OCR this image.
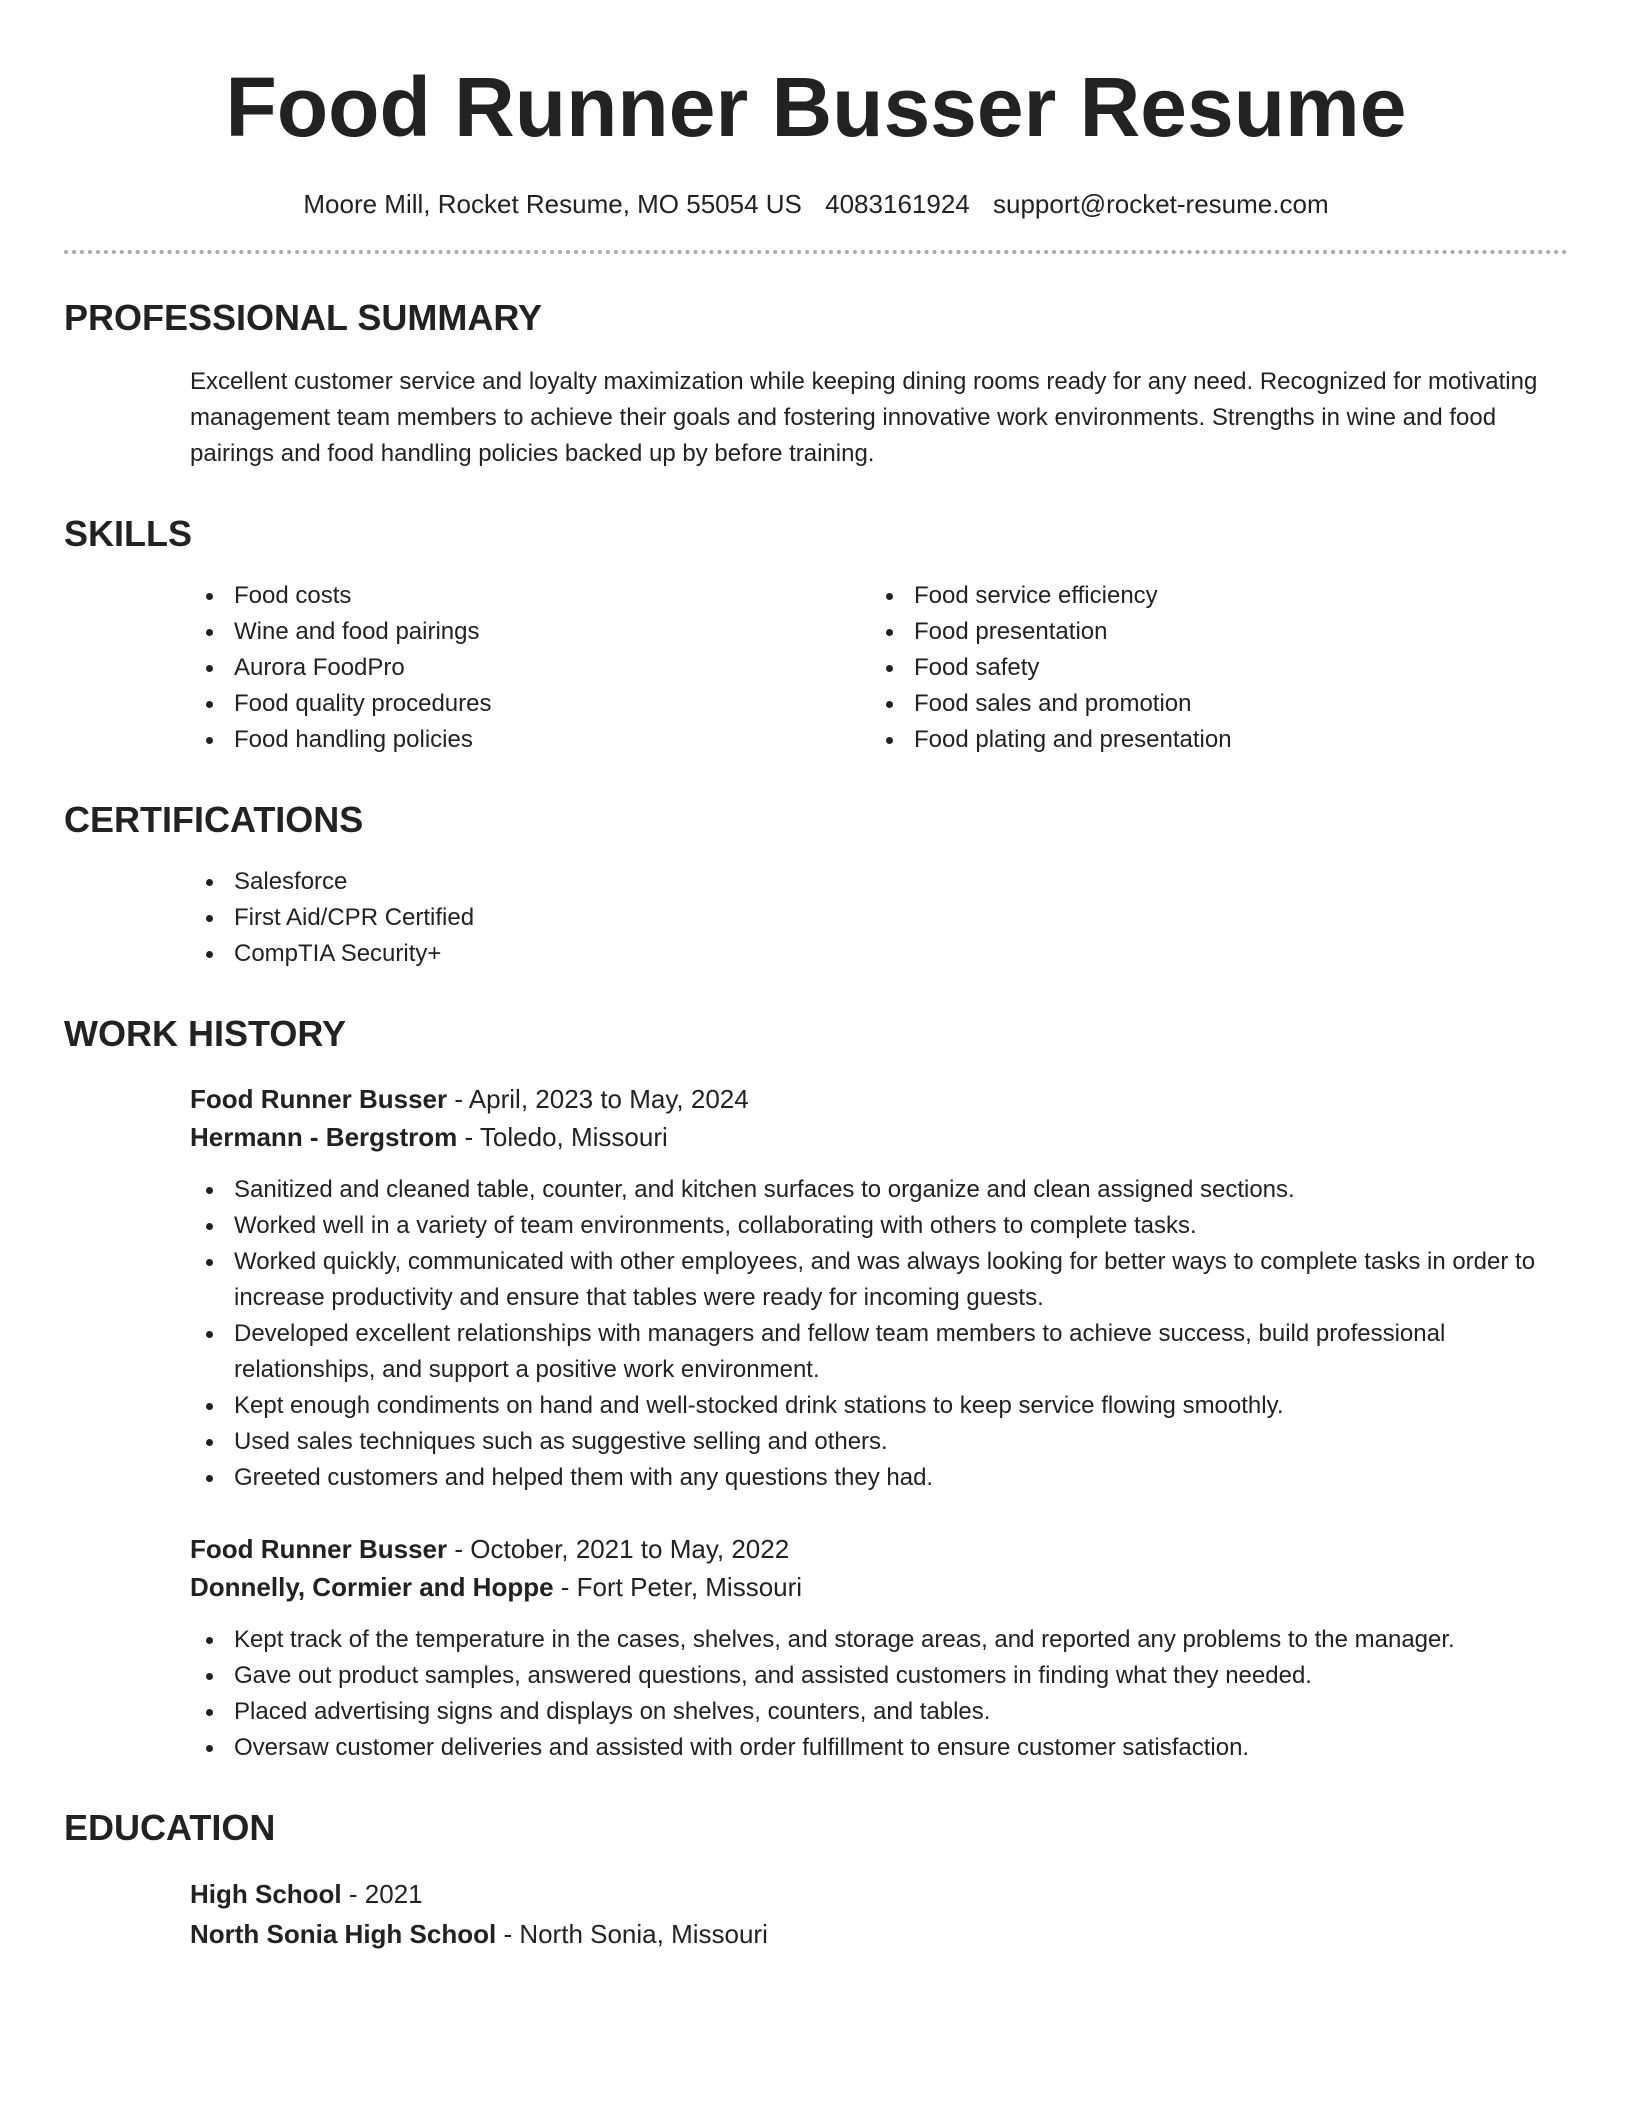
Food Runner Busser Resume
Moore Mill, Rocket Resume, MO 55054 US 4083161924 support@rocket-resume.com
PROFESSIONAL SUMMARY
Excellent customer service and loyalty maximization while keeping dining rooms ready for any need. Recognized for motivating management team members to achieve their goals and fostering innovative work environments. Strengths in wine and food pairings and food handling policies backed up by before training.
SKILLS
Food costs
Wine and food pairings
Aurora FoodPro
Food quality procedures
Food handling policies
Food service efficiency
Food presentation
Food safety
Food sales and promotion
Food plating and presentation
CERTIFICATIONS
Salesforce
First Aid/CPR Certified
CompTIA Security+
WORK HISTORY
Food Runner Busser - April, 2023 to May, 2024
Hermann - Bergstrom - Toledo, Missouri
Sanitized and cleaned table, counter, and kitchen surfaces to organize and clean assigned sections.
Worked well in a variety of team environments, collaborating with others to complete tasks.
Worked quickly, communicated with other employees, and was always looking for better ways to complete tasks in order to increase productivity and ensure that tables were ready for incoming guests.
Developed excellent relationships with managers and fellow team members to achieve success, build professional relationships, and support a positive work environment.
Kept enough condiments on hand and well-stocked drink stations to keep service flowing smoothly.
Used sales techniques such as suggestive selling and others.
Greeted customers and helped them with any questions they had.
Food Runner Busser - October, 2021 to May, 2022
Donnelly, Cormier and Hoppe - Fort Peter, Missouri
Kept track of the temperature in the cases, shelves, and storage areas, and reported any problems to the manager.
Gave out product samples, answered questions, and assisted customers in finding what they needed.
Placed advertising signs and displays on shelves, counters, and tables.
Oversaw customer deliveries and assisted with order fulfillment to ensure customer satisfaction.
EDUCATION
High School - 2021
North Sonia High School - North Sonia, Missouri
